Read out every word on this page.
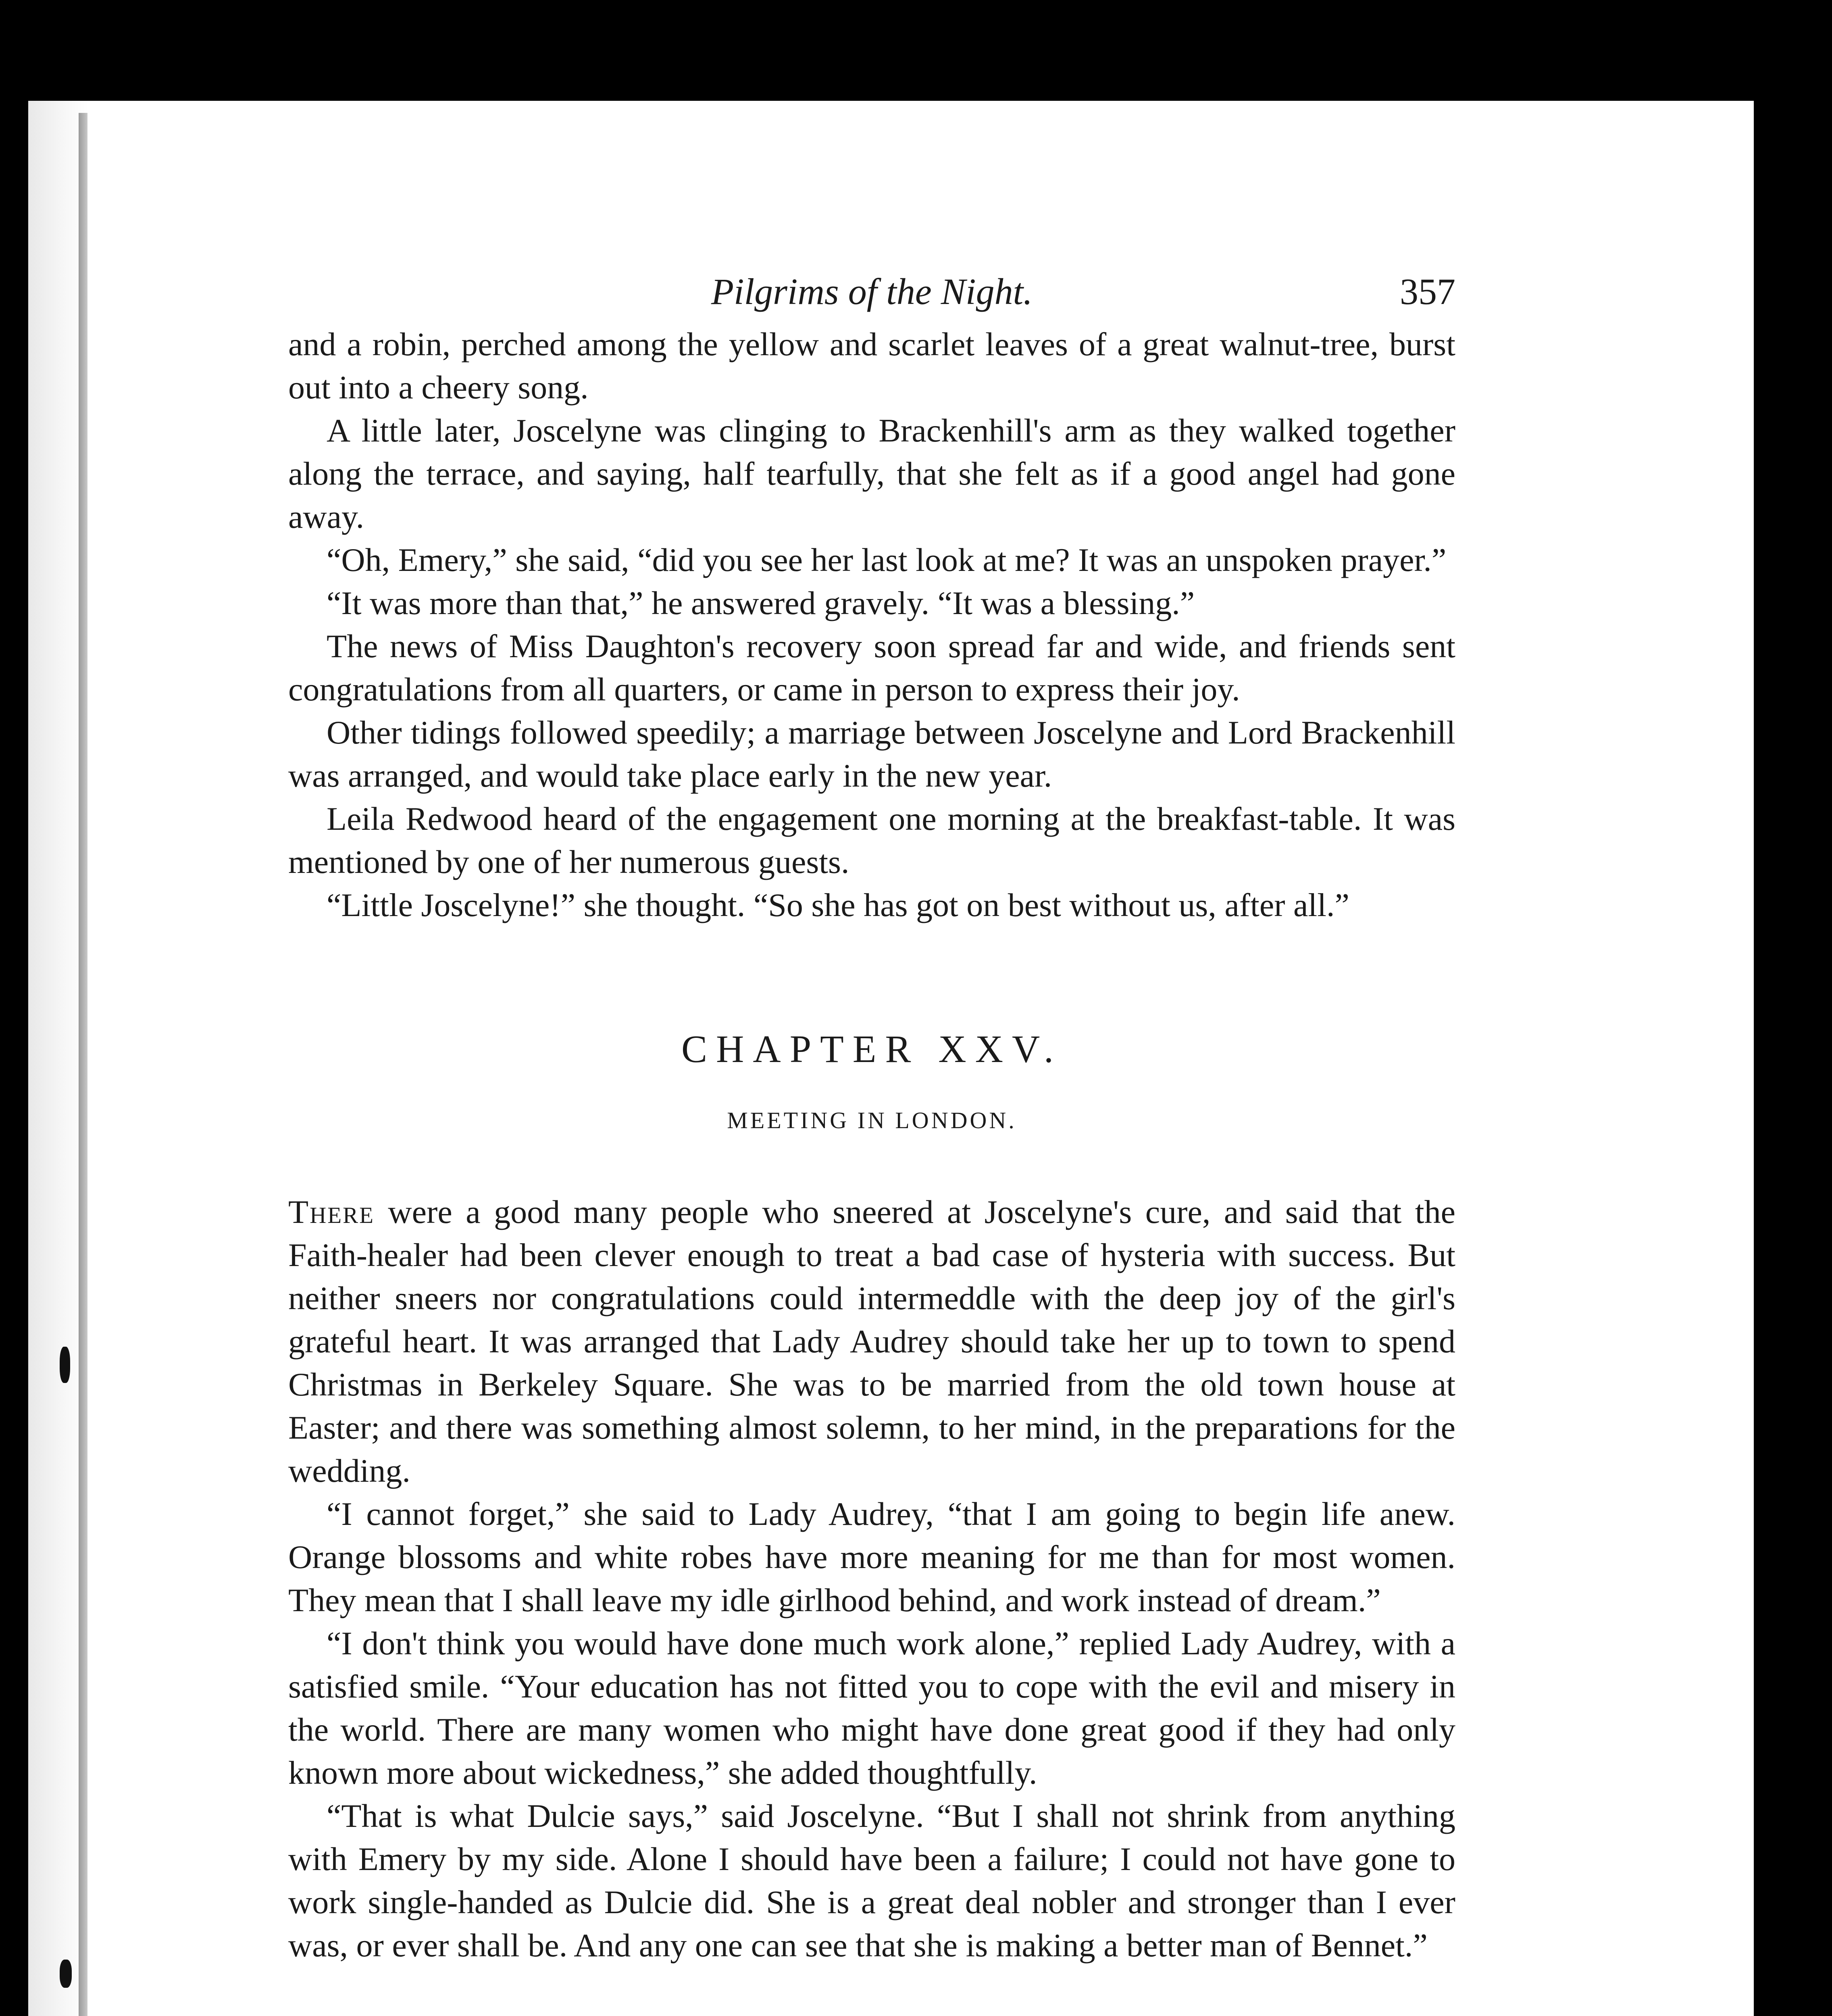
Pilgrims of the Night.	357

and a robin, perched among the yellow and scarlet leaves of a great walnut-tree, burst out into a cheery song.

A little later, Joscelyne was clinging to Brackenhill's arm as they walked together along the terrace, and saying, half tearfully, that she felt as if a good angel had gone away.

“Oh, Emery,” she said, “did you see her last look at me? It was an unspoken prayer.”

“It was more than that,” he answered gravely. “It was a blessing.”

The news of Miss Daughton's recovery soon spread far and wide, and friends sent congratulations from all quarters, or came in person to express their joy.

Other tidings followed speedily; a marriage between Joscelyne and Lord Brackenhill was arranged, and would take place early in the new year.

Leila Redwood heard of the engagement one morning at the breakfast-table. It was mentioned by one of her numerous guests.

“Little Joscelyne!” she thought. “So she has got on best without us, after all.”

CHAPTER XXV.
MEETING IN LONDON.

There were a good many people who sneered at Joscelyne's cure, and said that the Faith-healer had been clever enough to treat a bad case of hysteria with success. But neither sneers nor congratulations could intermeddle with the deep joy of the girl's grateful heart. It was arranged that Lady Audrey should take her up to town to spend Christmas in Berkeley Square. She was to be married from the old town house at Easter; and there was something almost solemn, to her mind, in the preparations for the wedding.

“I cannot forget,” she said to Lady Audrey, “that I am going to begin life anew. Orange blossoms and white robes have more meaning for me than for most women. They mean that I shall leave my idle girlhood behind, and work instead of dream.”

“I don't think you would have done much work alone,” replied Lady Audrey, with a satisfied smile. “Your education has not fitted you to cope with the evil and misery in the world. There are many women who might have done great good if they had only known more about wickedness,” she added thoughtfully.

“That is what Dulcie says,” said Joscelyne. “But I shall not shrink from anything with Emery by my side. Alone I should have been a failure; I could not have gone to work single-handed as Dulcie did. She is a great deal nobler and stronger than I ever was, or ever shall be. And any one can see that she is making a better man of Bennet.”
